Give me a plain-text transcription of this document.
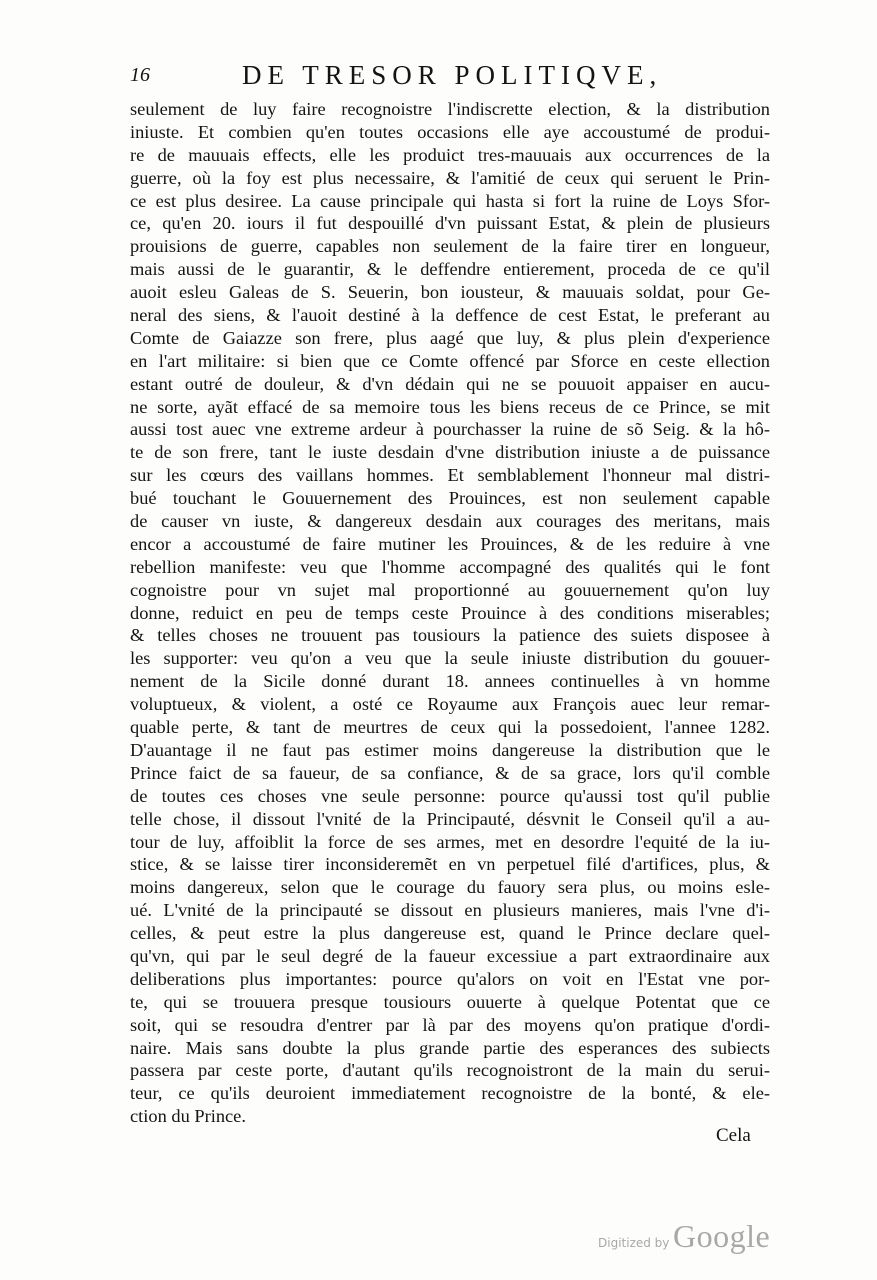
16	DE TRESOR POLITIQVE,
seulement de luy faire recognoistre l'indiscrette election, & la distribution
iniuste. Et combien qu'en toutes occasions elle aye accoustumé de produi-
re de mauuais effects, elle les produict tres-mauuais aux occurrences de la
guerre, où la foy est plus necessaire, & l'amitié de ceux qui seruent le Prin-
ce est plus desiree. La cause principale qui hasta si fort la ruine de Loys Sfor-
ce, qu'en 20. iours il fut despouillé d'vn puissant Estat, & plein de plusieurs
prouisions de guerre, capables non seulement de la faire tirer en longueur,
mais aussi de le guarantir, & le deffendre entierement, proceda de ce qu'il
auoit esleu Galeas de S. Seuerin, bon iousteur, & mauuais soldat, pour Ge-
neral des siens, & l'auoit destiné à la deffence de cest Estat, le preferant au
Comte de Gaiazze son frere, plus aagé que luy, & plus plein d'experience
en l'art militaire: si bien que ce Comte offencé par Sforce en ceste ellection
estant outré de douleur, & d'vn dédain qui ne se pouuoit appaiser en aucu-
ne sorte, ayãt effacé de sa memoire tous les biens receus de ce Prince, se mit
aussi tost auec vne extreme ardeur à pourchasser la ruine de sõ Seig. & la hô-
te de son frere, tant le iuste desdain d'vne distribution iniuste a de puissance
sur les cœurs des vaillans hommes. Et semblablement l'honneur mal distri-
bué touchant le Gouuernement des Prouinces, est non seulement capable
de causer vn iuste, & dangereux desdain aux courages des meritans, mais
encor a accoustumé de faire mutiner les Prouinces, & de les reduire à vne
rebellion manifeste: veu que l'homme accompagné des qualités qui le font
cognoistre pour vn sujet mal proportionné au gouuernement qu'on luy
donne, reduict en peu de temps ceste Prouince à des conditions miserables;
& telles choses ne trouuent pas tousiours la patience des suiets disposee à
les supporter: veu qu'on a veu que la seule iniuste distribution du gouuer-
nement de la Sicile donné durant 18. annees continuelles à vn homme
voluptueux, & violent, a osté ce Royaume aux François auec leur remar-
quable perte, & tant de meurtres de ceux qui la possedoient, l'annee 1282.
D'auantage il ne faut pas estimer moins dangereuse la distribution que le
Prince faict de sa faueur, de sa confiance, & de sa grace, lors qu'il comble
de toutes ces choses vne seule personne: pource qu'aussi tost qu'il publie
telle chose, il dissout l'vnité de la Principauté, désvnit le Conseil qu'il a au-
tour de luy, affoiblit la force de ses armes, met en desordre l'equité de la iu-
stice, & se laisse tirer inconsideremẽt en vn perpetuel filé d'artifices, plus, &
moins dangereux, selon que le courage du fauory sera plus, ou moins esle-
ué. L'vnité de la principauté se dissout en plusieurs manieres, mais l'vne d'i-
celles, & peut estre la plus dangereuse est, quand le Prince declare quel-
qu'vn, qui par le seul degré de la faueur excessiue a part extraordinaire aux
deliberations plus importantes: pource qu'alors on voit en l'Estat vne por-
te, qui se trouuera presque tousiours ouuerte à quelque Potentat que ce
soit, qui se resoudra d'entrer par là par des moyens qu'on pratique d'ordi-
naire. Mais sans doubte la plus grande partie des esperances des subiects
passera par ceste porte, d'autant qu'ils recognoistront de la main du serui-
teur, ce qu'ils deuroient immediatement recognoistre de la bonté, & ele-
ction du Prince.
Cela
Digitized by Google
